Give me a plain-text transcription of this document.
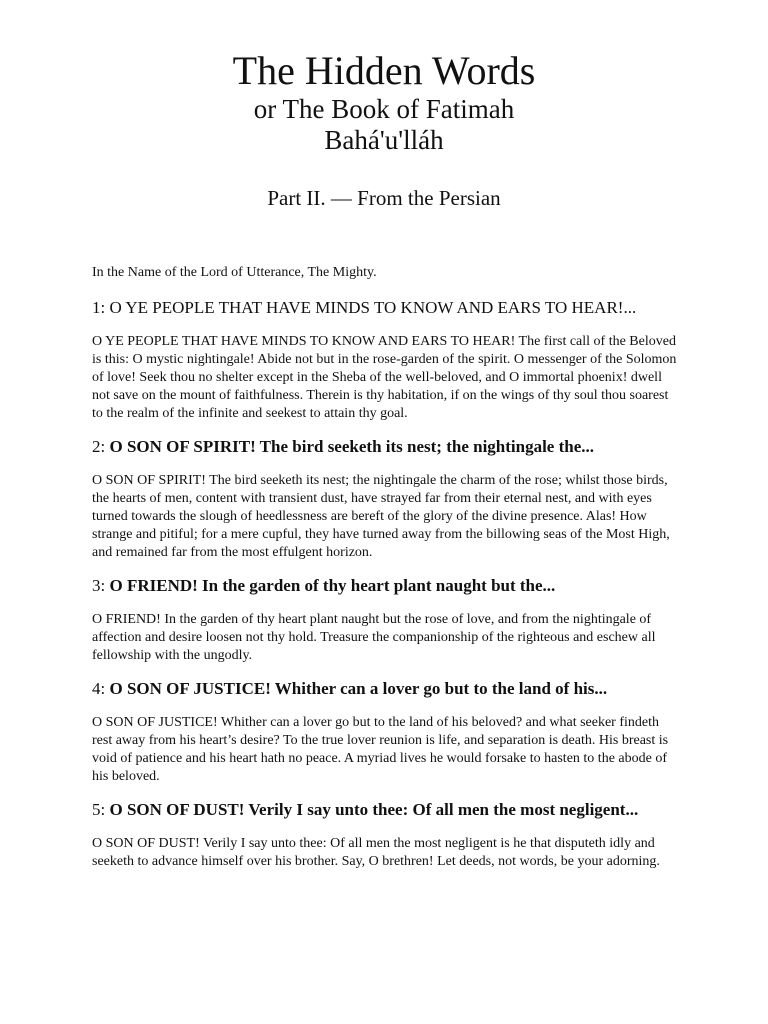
The Hidden Words
or The Book of Fatimah
Bahá'u'lláh
Part II. — From the Persian

In the Name of the Lord of Utterance, The Mighty.

1: O YE PEOPLE THAT HAVE MINDS TO KNOW AND EARS TO HEAR!...

O YE PEOPLE THAT HAVE MINDS TO KNOW AND EARS TO HEAR! The first call of the Beloved is this: O mystic nightingale! Abide not but in the rose-garden of the spirit. O messenger of the Solomon of love! Seek thou no shelter except in the Sheba of the well-beloved, and O immortal phoenix! dwell not save on the mount of faithfulness. Therein is thy habitation, if on the wings of thy soul thou soarest to the realm of the infinite and seekest to attain thy goal.

2: O SON OF SPIRIT! The bird seeketh its nest; the nightingale the...

O SON OF SPIRIT! The bird seeketh its nest; the nightingale the charm of the rose; whilst those birds, the hearts of men, content with transient dust, have strayed far from their eternal nest, and with eyes turned towards the slough of heedlessness are bereft of the glory of the divine presence. Alas! How strange and pitiful; for a mere cupful, they have turned away from the billowing seas of the Most High, and remained far from the most effulgent horizon.

3: O FRIEND! In the garden of thy heart plant naught but the...

O FRIEND! In the garden of thy heart plant naught but the rose of love, and from the nightingale of affection and desire loosen not thy hold. Treasure the companionship of the righteous and eschew all fellowship with the ungodly.

4: O SON OF JUSTICE! Whither can a lover go but to the land of his...

O SON OF JUSTICE! Whither can a lover go but to the land of his beloved? and what seeker findeth rest away from his heart’s desire? To the true lover reunion is life, and separation is death. His breast is void of patience and his heart hath no peace. A myriad lives he would forsake to hasten to the abode of his beloved.

5: O SON OF DUST! Verily I say unto thee: Of all men the most negligent...

O SON OF DUST! Verily I say unto thee: Of all men the most negligent is he that disputeth idly and seeketh to advance himself over his brother. Say, O brethren! Let deeds, not words, be your adorning.
